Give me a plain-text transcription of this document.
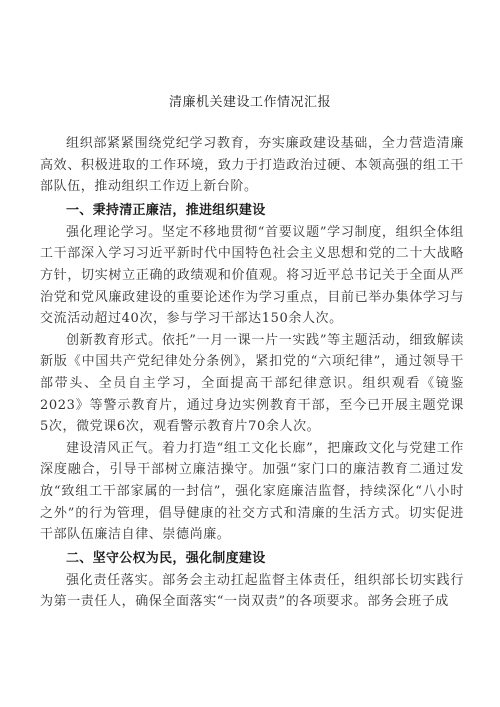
清廉机关建设工作情况汇报

组织部紧紧围绕党纪学习教育，夯实廉政建设基础，全力营造清廉高效、积极进取的工作环境，致力于打造政治过硬、本领高强的组工干部队伍，推动组织工作迈上新台阶。

一、秉持清正廉洁，推进组织建设

强化理论学习。坚定不移地贯彻“首要议题”学习制度，组织全体组工干部深入学习习近平新时代中国特色社会主义思想和党的二十大战略方针，切实树立正确的政绩观和价值观。将习近平总书记关于全面从严治党和党风廉政建设的重要论述作为学习重点，目前已举办集体学习与交流活动超过40次，参与学习干部达150余人次。

创新教育形式。依托”一月一课一片一实践”等主题活动，细致解读新版《中国共产党纪律处分条例》，紧扣党的“六项纪律”，通过领导干部带头、全员自主学习，全面提高干部纪律意识。组织观看《镜鉴2023》等警示教育片，通过身边实例教育干部，至今已开展主题党课5次，微党课6次，观看警示教育片70余人次。

建设清风正气。着力打造“组工文化长廊”，把廉政文化与党建工作深度融合，引导干部树立廉洁操守。加强“家门口的廉洁教育二通过发放“致组工干部家属的一封信”，强化家庭廉洁监督，持续深化“八小时之外”的行为管理，倡导健康的社交方式和清廉的生活方式。切实促进干部队伍廉洁自律、崇德尚廉。

二、坚守公权为民，强化制度建设

强化责任落实。部务会主动扛起监督主体责任，组织部长切实践行为第一责任人，确保全面落实“一岗双责”的各项要求。部务会班子成
